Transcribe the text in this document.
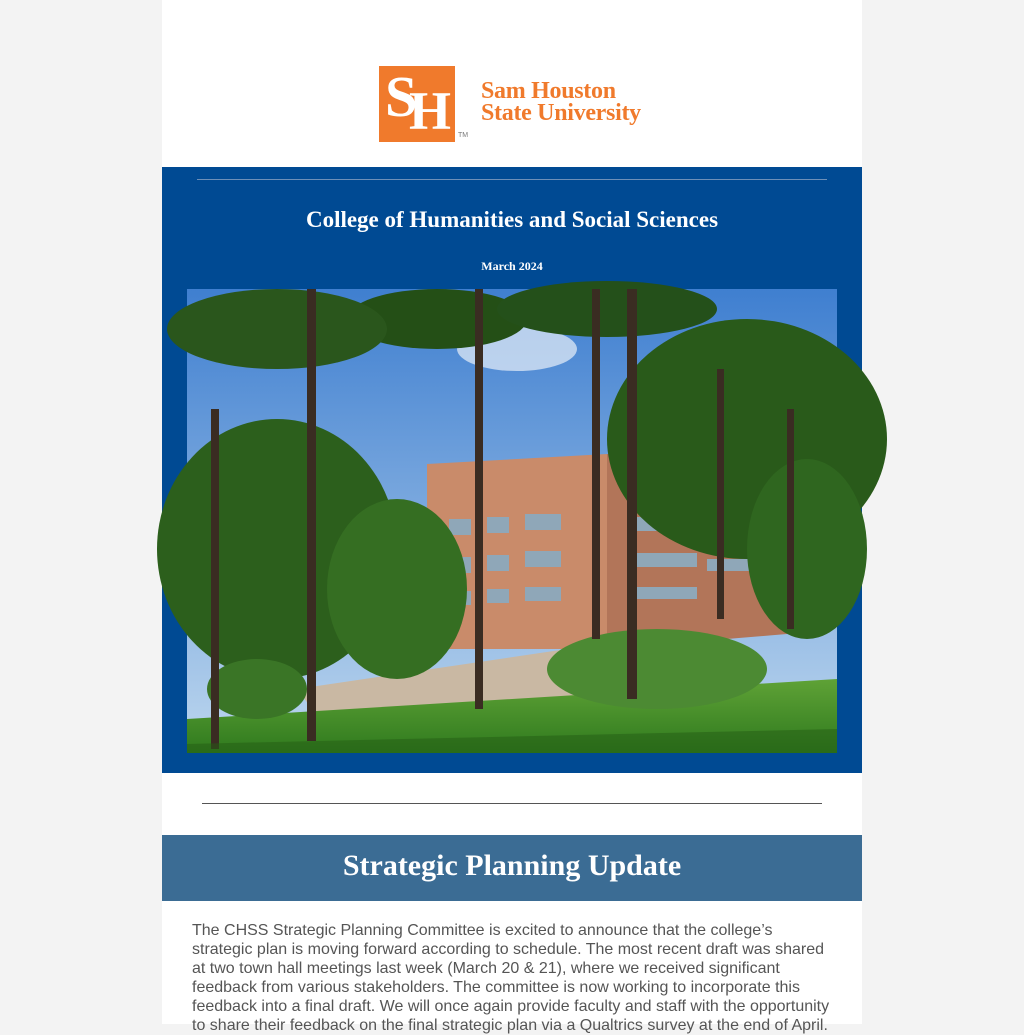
S
H TM
Sam Houston
State University
College of Humanities and Social Sciences
March 2024
Strategic Planning Update

The CHSS Strategic Planning Committee is excited to announce that the college’s strategic plan is moving forward according to schedule. The most recent draft was shared at two town hall meetings last week (March 20 & 21), where we received significant feedback from various stakeholders. The committee is now working to incorporate this feedback into a final draft. We will once again provide faculty and staff with the opportunity to share their feedback on the final strategic plan via a Qualtrics survey at the end of April.
